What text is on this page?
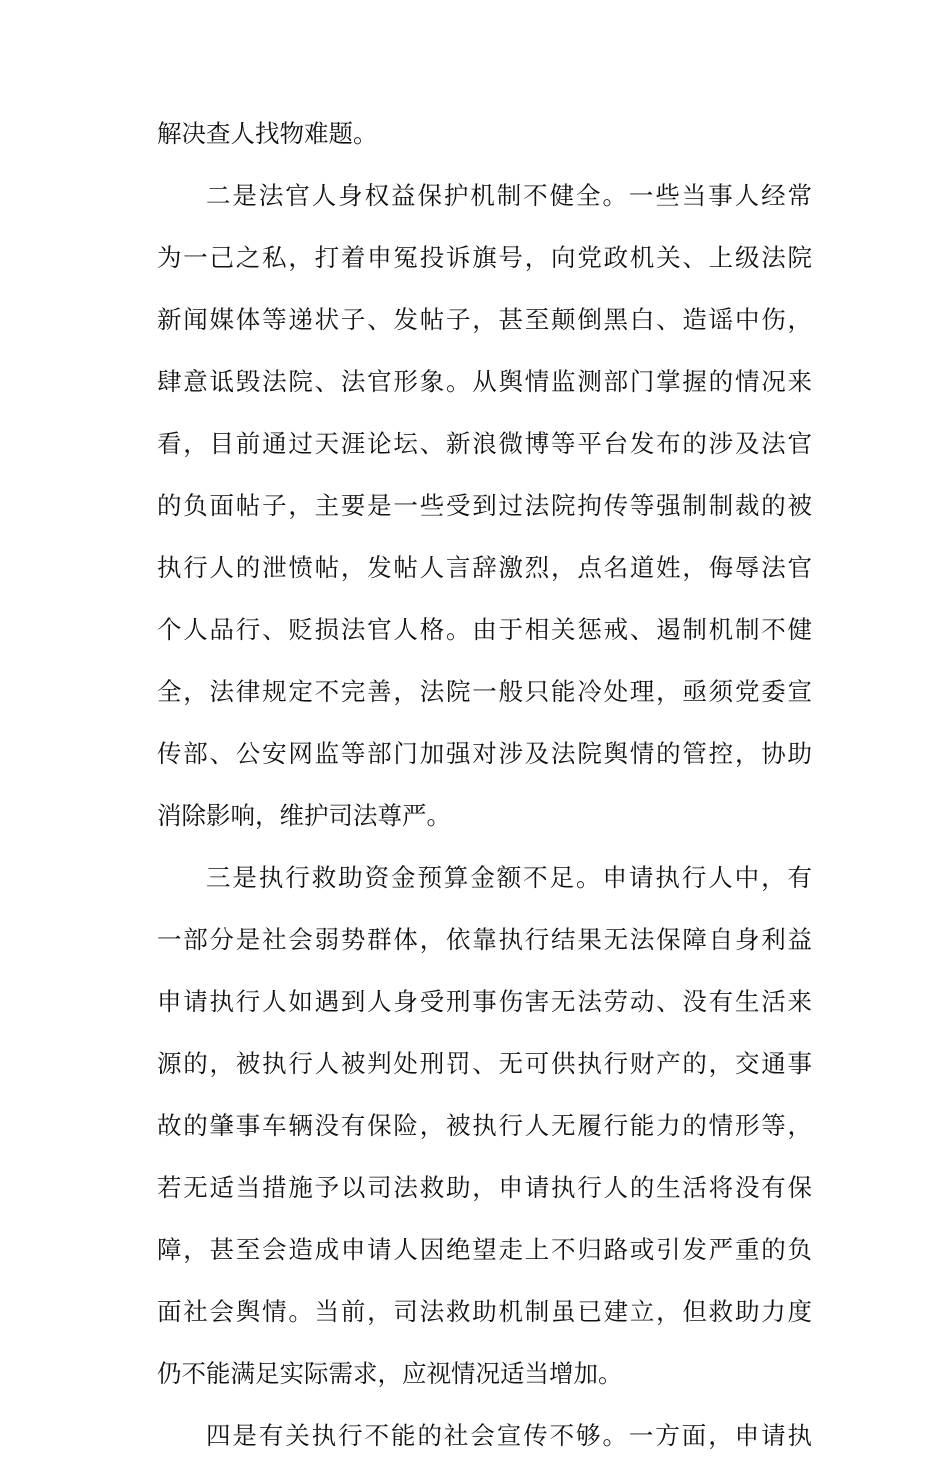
解决查人找物难题。
二是法官人身权益保护机制不健全。一些当事人经常
为一己之私，打着申冤投诉旗号，向党政机关、上级法院
新闻媒体等递状子、发帖子，甚至颠倒黑白、造谣中伤，
肆意诋毁法院、法官形象。从舆情监测部门掌握的情况来
看，目前通过天涯论坛、新浪微博等平台发布的涉及法官
的负面帖子，主要是一些受到过法院拘传等强制制裁的被
执行人的泄愤帖，发帖人言辞激烈，点名道姓，侮辱法官
个人品行、贬损法官人格。由于相关惩戒、遏制机制不健
全，法律规定不完善，法院一般只能冷处理，亟须党委宣
传部、公安网监等部门加强对涉及法院舆情的管控，协助
消除影响，维护司法尊严。
三是执行救助资金预算金额不足。申请执行人中，有
一部分是社会弱势群体，依靠执行结果无法保障自身利益
申请执行人如遇到人身受刑事伤害无法劳动、没有生活来
源的，被执行人被判处刑罚、无可供执行财产的，交通事
故的肇事车辆没有保险，被执行人无履行能力的情形等，
若无适当措施予以司法救助，申请执行人的生活将没有保
障，甚至会造成申请人因绝望走上不归路或引发严重的负
面社会舆情。当前，司法救助机制虽已建立，但救助力度
仍不能满足实际需求，应视情况适当增加。
四是有关执行不能的社会宣传不够。一方面，申请执
